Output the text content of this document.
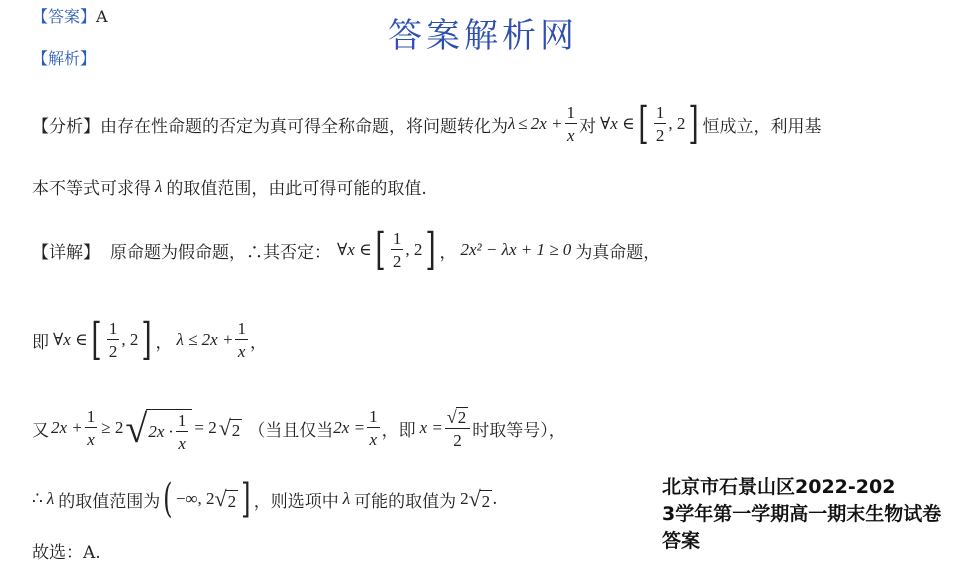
【答案】A
【解析】
答案解析网
【分析】 由存在性命题的否定为真可得全称命题，将问题转化为 $\lambda \le 2x + \frac{1}{x}$ 对 ∀x ∈ [ $\frac{1}{2}$ , 2 ] 恒成立，利用基
本不等式可求得 λ 的取值范围，由此可得可能的取值.
【详解】 原命题为假命题，∴其否定： ∀x ∈ [ $\frac{1}{2}$ , 2 ] ， 2x² − λx + 1 ≥ 0 为真命题，
即 ∀x ∈ [ $\frac{1}{2}$ , 2 ] ， $\lambda \le 2x + \frac{1}{x}$ ，
又 $2x + \frac{1}{x} \ge 2$ √ $2x \cdot \frac{1}{x} = 2$ √ 2 （当且仅当 $2x = \frac{1}{x}$ ，即 $x = \frac{√ 2}{2}$ 时取等号），
∴ λ 的取值范围为 ( −∞, 2 √ 2 ] ，则选项中 λ 可能的取值为 2 √ 2 .
故选：A.
北京市石景山区2022-202
3学年第一学期高一期末生物试卷
答案
